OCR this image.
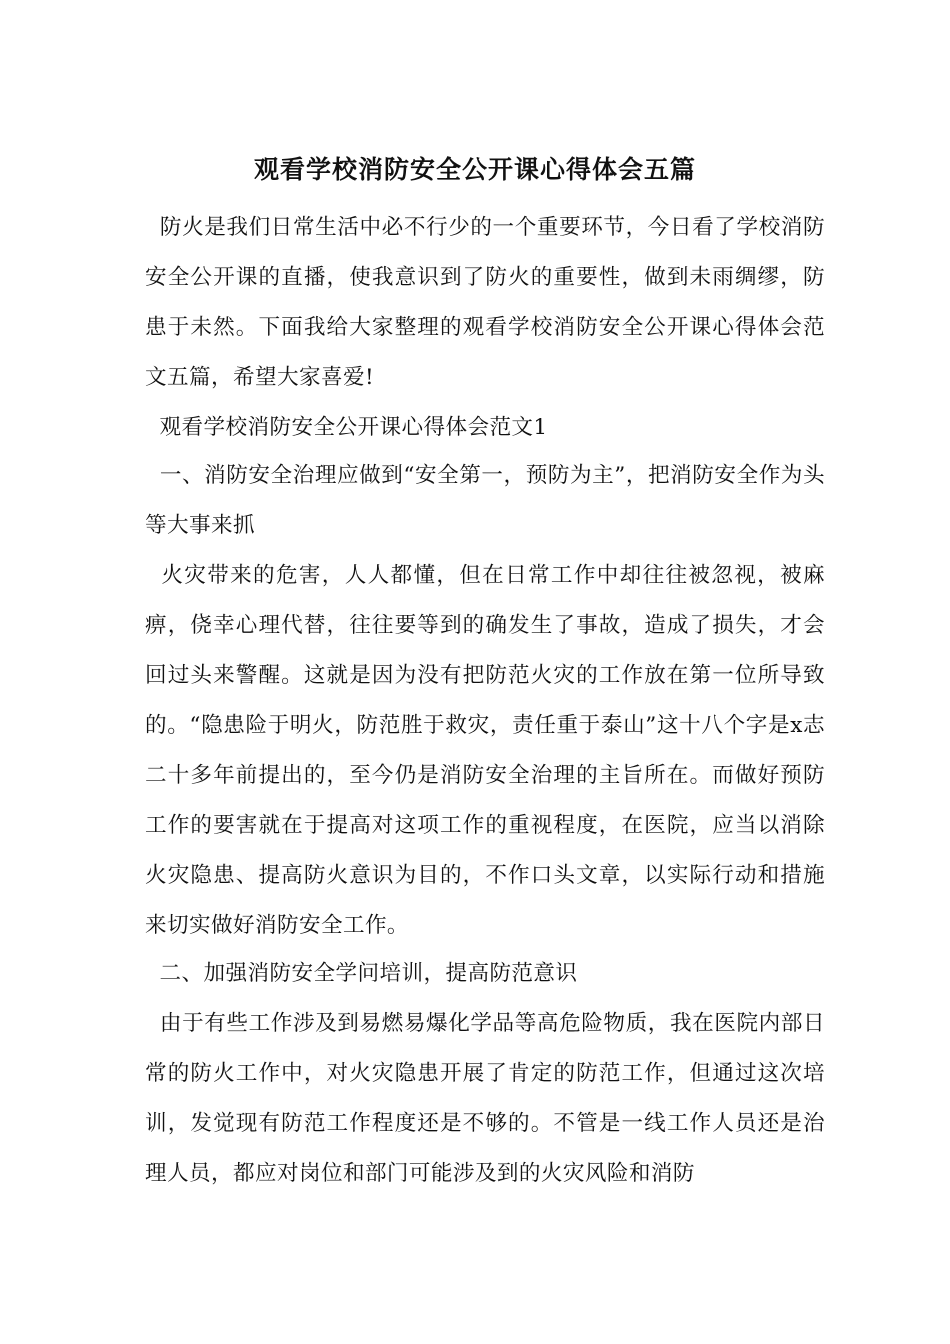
观看学校消防安全公开课心得体会五篇
防火是我们日常生活中必不行少的一个重要环节，今日看了学校消防安全公开课的直播，使我意识到了防火的重要性，做到未雨绸缪，防患于未然。下面我给大家整理的观看学校消防安全公开课心得体会范文五篇，希望大家喜爱!
观看学校消防安全公开课心得体会范文1
一、消防安全治理应做到“安全第一，预防为主”，把消防安全作为头等大事来抓
火灾带来的危害，人人都懂，但在日常工作中却往往被忽视，被麻痹，侥幸心理代替，往往要等到的确发生了事故，造成了损失，才会回过头来警醒。这就是因为没有把防范火灾的工作放在第一位所导致的。“隐患险于明火，防范胜于救灾，责任重于泰山”这十八个字是x志二十多年前提出的，至今仍是消防安全治理的主旨所在。而做好预防工作的要害就在于提高对这项工作的重视程度，在医院，应当以消除火灾隐患、提高防火意识为目的，不作口头文章，以实际行动和措施来切实做好消防安全工作。
二、加强消防安全学问培训，提高防范意识
由于有些工作涉及到易燃易爆化学品等高危险物质，我在医院内部日常的防火工作中，对火灾隐患开展了肯定的防范工作，但通过这次培训，发觉现有防范工作程度还是不够的。不管是一线工作人员还是治理人员，都应对岗位和部门可能涉及到的火灾风险和消防
